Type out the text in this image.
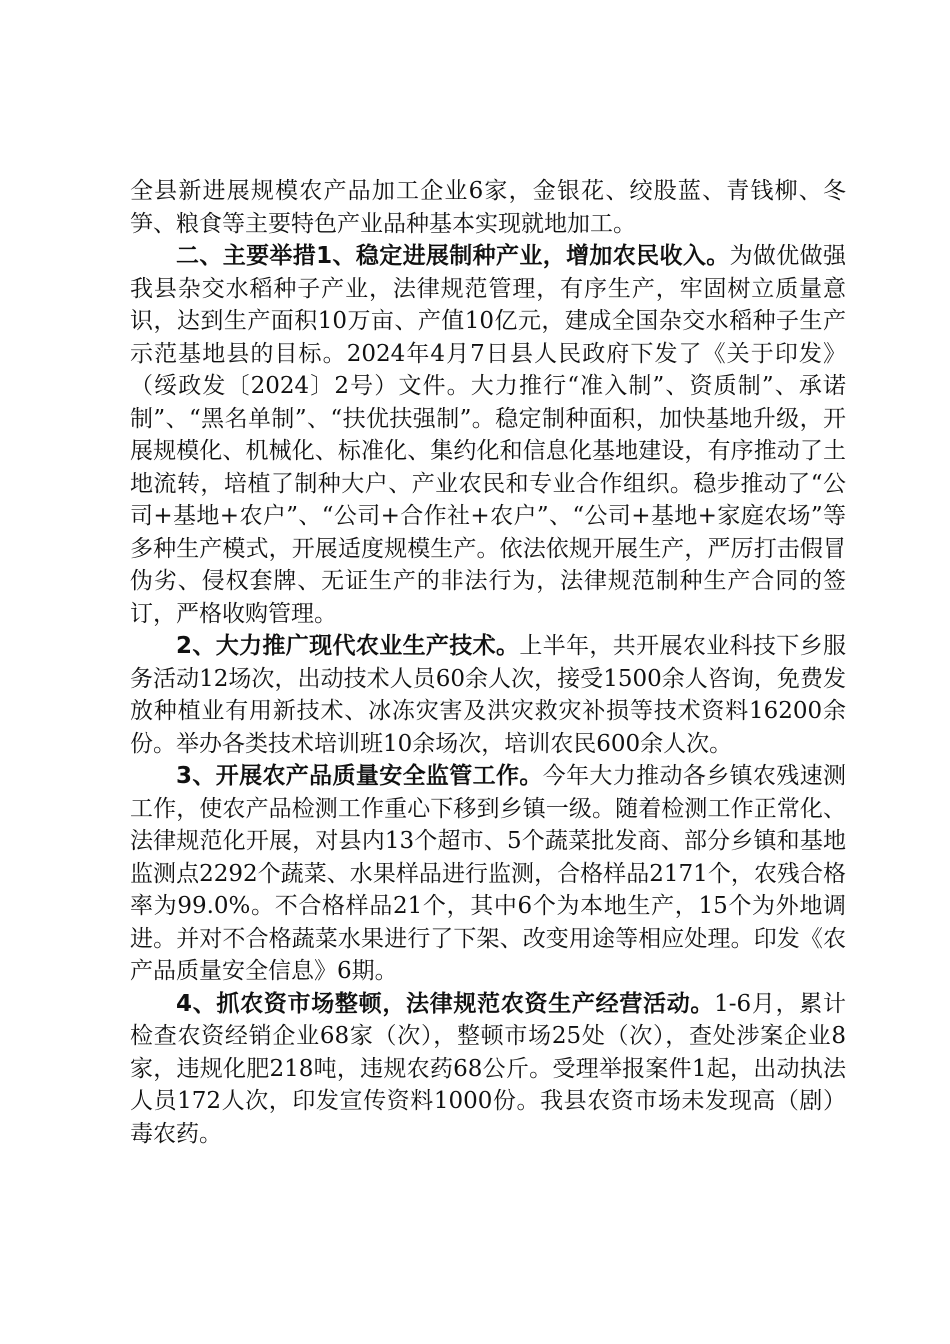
全县新进展规模农产品加工企业6家，金银花、绞股蓝、青钱柳、冬笋、粮食等主要特色产业品种基本实现就地加工。

二、主要举措1、稳定进展制种产业，增加农民收入。为做优做强我县杂交水稻种子产业，法律规范管理，有序生产，牢固树立质量意识，达到生产面积10万亩、产值10亿元，建成全国杂交水稻种子生产示范基地县的目标。2024年4月7日县人民政府下发了《关于印发》（绥政发〔2024〕2号）文件。大力推行“准入制”、资质制”、承诺制”、“黑名单制”、“扶优扶强制”。稳定制种面积，加快基地升级，开展规模化、机械化、标准化、集约化和信息化基地建设，有序推动了土地流转，培植了制种大户、产业农民和专业合作组织。稳步推动了“公司+基地+农户”、“公司+合作社+农户”、“公司+基地+家庭农场”等多种生产模式，开展适度规模生产。依法依规开展生产，严厉打击假冒伪劣、侵权套牌、无证生产的非法行为，法律规范制种生产合同的签订，严格收购管理。

2、大力推广现代农业生产技术。上半年，共开展农业科技下乡服务活动12场次，出动技术人员60余人次，接受1500余人咨询，免费发放种植业有用新技术、冰冻灾害及洪灾救灾补损等技术资料16200余份。举办各类技术培训班10余场次，培训农民600余人次。

3、开展农产品质量安全监管工作。今年大力推动各乡镇农残速测工作，使农产品检测工作重心下移到乡镇一级。随着检测工作正常化、法律规范化开展，对县内13个超市、5个蔬菜批发商、部分乡镇和基地监测点2292个蔬菜、水果样品进行监测，合格样品2171个，农残合格率为99.0%。不合格样品21个，其中6个为本地生产，15个为外地调进。并对不合格蔬菜水果进行了下架、改变用途等相应处理。印发《农产品质量安全信息》6期。

4、抓农资市场整顿，法律规范农资生产经营活动。1-6月，累计检查农资经销企业68家（次），整顿市场25处（次），查处涉案企业8家，违规化肥218吨，违规农药68公斤。受理举报案件1起，出动执法人员172人次，印发宣传资料1000份。我县农资市场未发现高（剧）毒农药。
